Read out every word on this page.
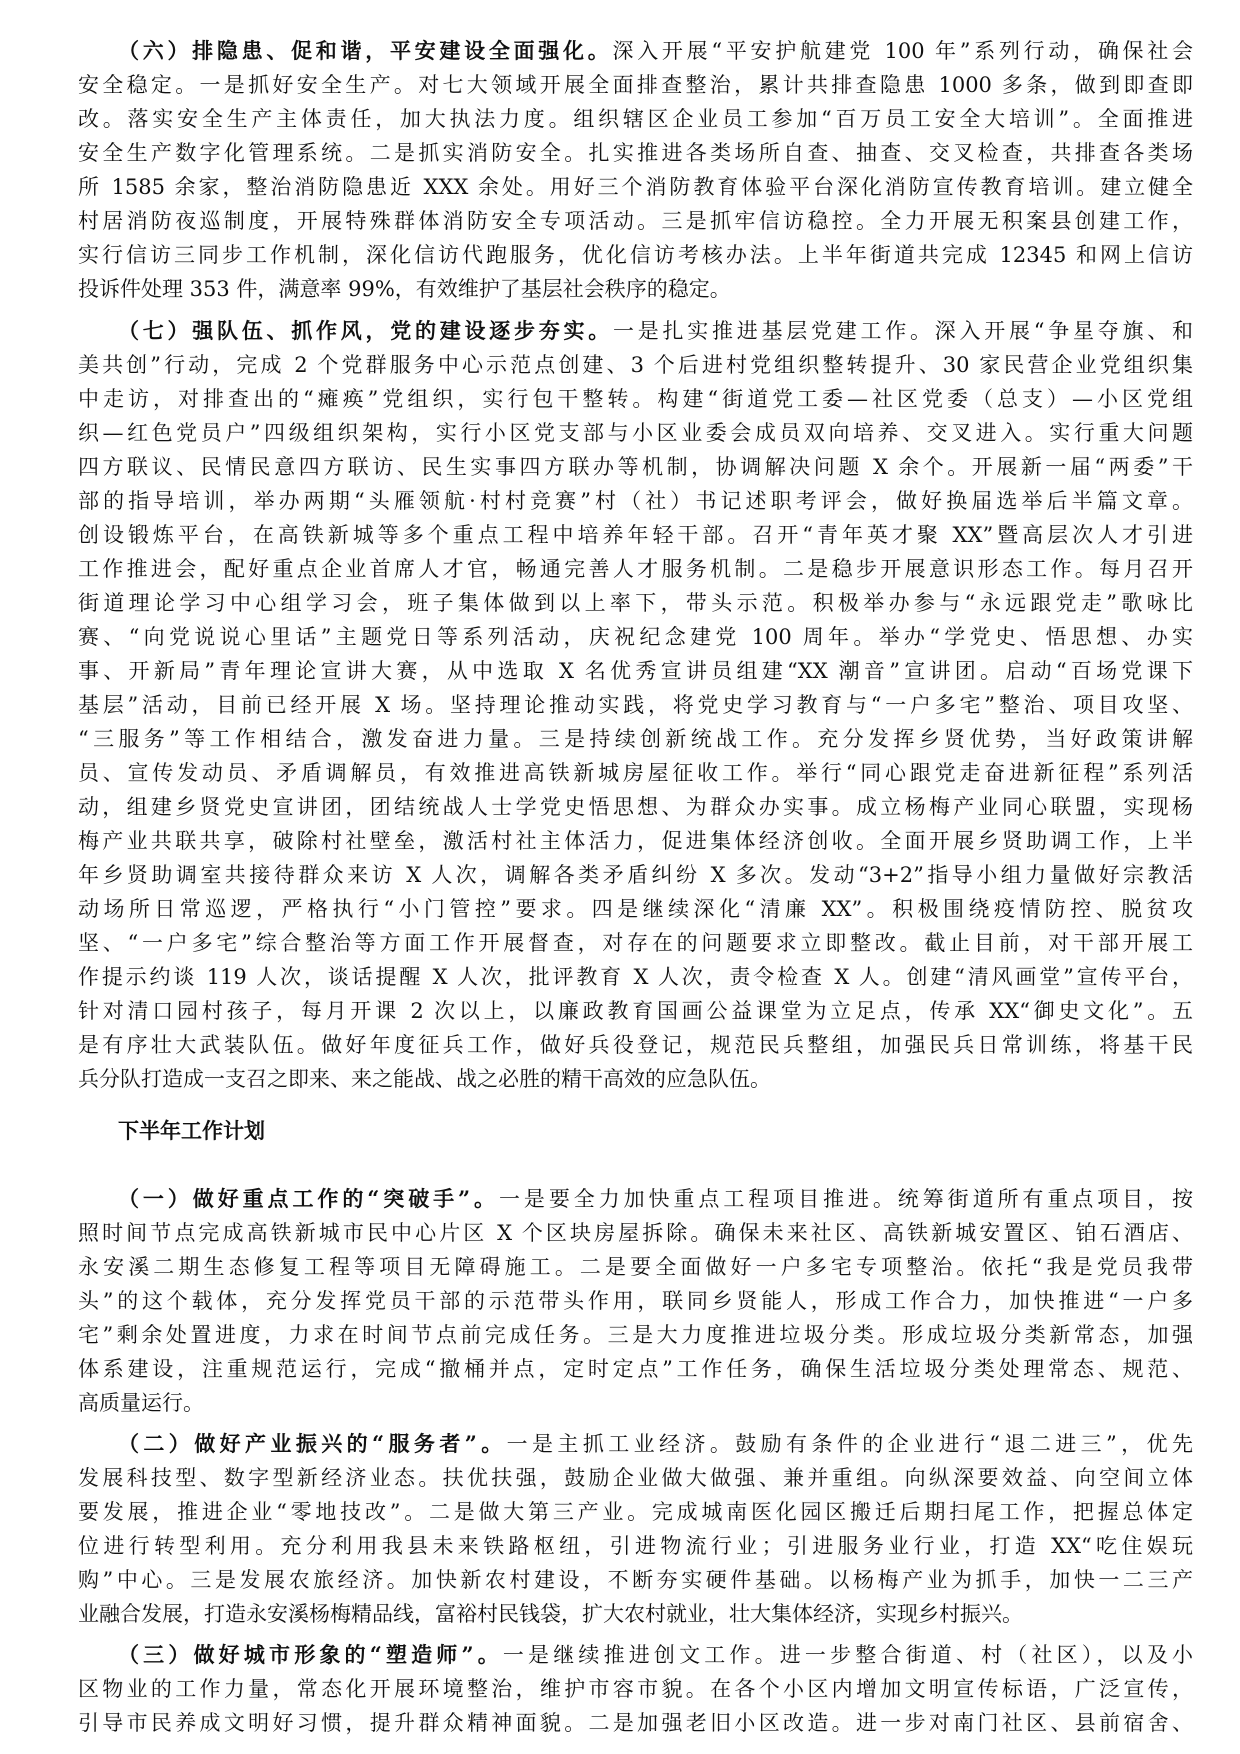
（六）排隐患、促和谐，平安建设全面强化。深入开展“平安护航建党 100 年”系列行动，确保社会
安全稳定。一是抓好安全生产。对七大领域开展全面排查整治，累计共排查隐患 1000 多条，做到即查即
改。落实安全生产主体责任，加大执法力度。组织辖区企业员工参加“百万员工安全大培训”。全面推进
安全生产数字化管理系统。二是抓实消防安全。扎实推进各类场所自查、抽查、交叉检查，共排查各类场
所 1585 余家，整治消防隐患近 XXX 余处。用好三个消防教育体验平台深化消防宣传教育培训。建立健全
村居消防夜巡制度，开展特殊群体消防安全专项活动。三是抓牢信访稳控。全力开展无积案县创建工作，
实行信访三同步工作机制，深化信访代跑服务，优化信访考核办法。上半年街道共完成 12345 和网上信访
投诉件处理 353 件，满意率 99%，有效维护了基层社会秩序的稳定。
（七）强队伍、抓作风，党的建设逐步夯实。一是扎实推进基层党建工作。深入开展“争星夺旗、和
美共创”行动，完成 2 个党群服务中心示范点创建、3 个后进村党组织整转提升、30 家民营企业党组织集
中走访，对排查出的“瘫痪”党组织，实行包干整转。构建“街道党工委—社区党委（总支）—小区党组
织—红色党员户”四级组织架构，实行小区党支部与小区业委会成员双向培养、交叉进入。实行重大问题
四方联议、民情民意四方联访、民生实事四方联办等机制，协调解决问题 X 余个。开展新一届“两委”干
部的指导培训，举办两期“头雁领航·村村竞赛”村（社）书记述职考评会，做好换届选举后半篇文章。
创设锻炼平台，在高铁新城等多个重点工程中培养年轻干部。召开“青年英才聚 XX”暨高层次人才引进
工作推进会，配好重点企业首席人才官，畅通完善人才服务机制。二是稳步开展意识形态工作。每月召开
街道理论学习中心组学习会，班子集体做到以上率下，带头示范。积极举办参与“永远跟党走”歌咏比
赛、“向党说说心里话”主题党日等系列活动，庆祝纪念建党 100 周年。举办“学党史、悟思想、办实
事、开新局”青年理论宣讲大赛，从中选取 X 名优秀宣讲员组建“XX 潮音”宣讲团。启动“百场党课下
基层”活动，目前已经开展 X 场。坚持理论推动实践，将党史学习教育与“一户多宅”整治、项目攻坚、
“三服务”等工作相结合，激发奋进力量。三是持续创新统战工作。充分发挥乡贤优势，当好政策讲解
员、宣传发动员、矛盾调解员，有效推进高铁新城房屋征收工作。举行“同心跟党走奋进新征程”系列活
动，组建乡贤党史宣讲团，团结统战人士学党史悟思想、为群众办实事。成立杨梅产业同心联盟，实现杨
梅产业共联共享，破除村社壁垒，激活村社主体活力，促进集体经济创收。全面开展乡贤助调工作，上半
年乡贤助调室共接待群众来访 X 人次，调解各类矛盾纠纷 X 多次。发动“3+2”指导小组力量做好宗教活
动场所日常巡逻，严格执行“小门管控”要求。四是继续深化“清廉 XX”。积极围绕疫情防控、脱贫攻
坚、“一户多宅”综合整治等方面工作开展督查，对存在的问题要求立即整改。截止目前，对干部开展工
作提示约谈 119 人次，谈话提醒 X 人次，批评教育 X 人次，责令检查 X 人。创建“清风画堂”宣传平台，
针对清口园村孩子，每月开课 2 次以上，以廉政教育国画公益课堂为立足点，传承 XX“御史文化”。五
是有序壮大武装队伍。做好年度征兵工作，做好兵役登记，规范民兵整组，加强民兵日常训练，将基干民
兵分队打造成一支召之即来、来之能战、战之必胜的精干高效的应急队伍。
下半年工作计划
（一）做好重点工作的“突破手”。一是要全力加快重点工程项目推进。统筹街道所有重点项目，按
照时间节点完成高铁新城市民中心片区 X 个区块房屋拆除。确保未来社区、高铁新城安置区、铂石酒店、
永安溪二期生态修复工程等项目无障碍施工。二是要全面做好一户多宅专项整治。依托“我是党员我带
头”的这个载体，充分发挥党员干部的示范带头作用，联同乡贤能人，形成工作合力，加快推进“一户多
宅”剩余处置进度，力求在时间节点前完成任务。三是大力度推进垃圾分类。形成垃圾分类新常态，加强
体系建设，注重规范运行，完成“撤桶并点，定时定点”工作任务，确保生活垃圾分类处理常态、规范、
高质量运行。
（二）做好产业振兴的“服务者”。一是主抓工业经济。鼓励有条件的企业进行“退二进三”，优先
发展科技型、数字型新经济业态。扶优扶强，鼓励企业做大做强、兼并重组。向纵深要效益、向空间立体
要发展，推进企业“零地技改”。二是做大第三产业。完成城南医化园区搬迁后期扫尾工作，把握总体定
位进行转型利用。充分利用我县未来铁路枢纽，引进物流行业；引进服务业行业，打造 XX“吃住娱玩
购”中心。三是发展农旅经济。加快新农村建设，不断夯实硬件基础。以杨梅产业为抓手，加快一二三产
业融合发展，打造永安溪杨梅精品线，富裕村民钱袋，扩大农村就业，壮大集体经济，实现乡村振兴。
（三）做好城市形象的“塑造师”。一是继续推进创文工作。进一步整合街道、村（社区），以及小
区物业的工作力量，常态化开展环境整治，维护市容市貌。在各个小区内增加文明宣传标语，广泛宣传，
引导市民养成文明好习惯，提升群众精神面貌。二是加强老旧小区改造。进一步对南门社区、县前宿舍、
